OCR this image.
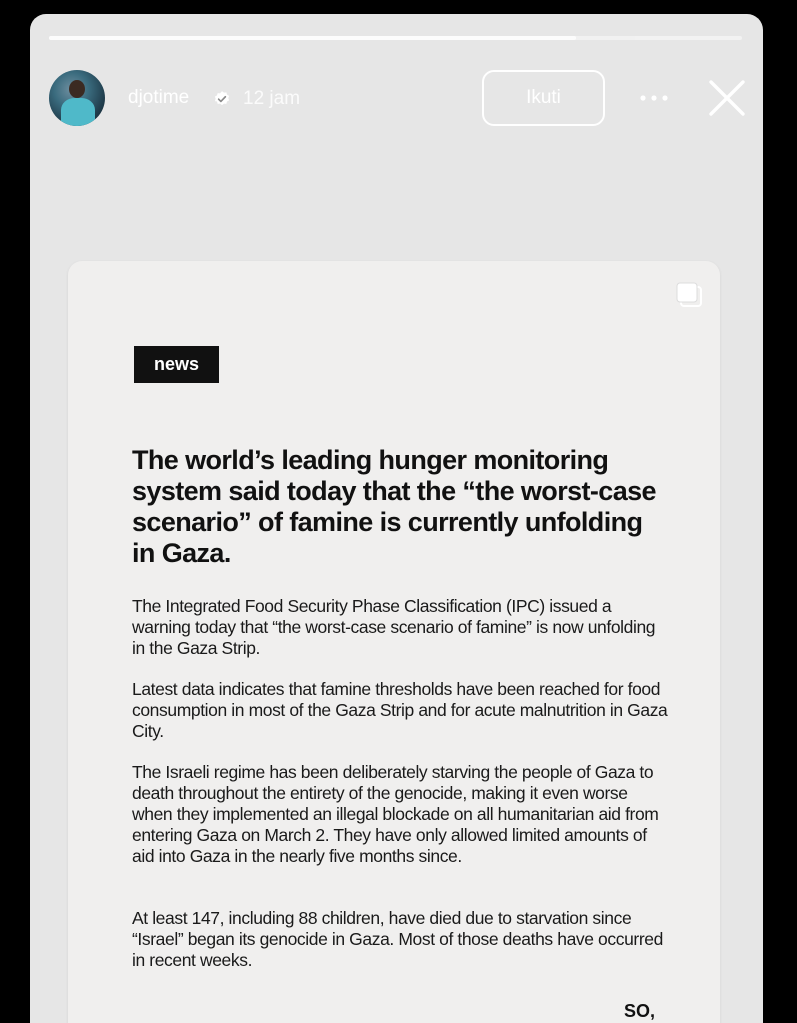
djotime	12 jam	Ikuti
news
The world’s leading hunger monitoring system said today that the “the worst-case scenario” of famine is currently unfolding in Gaza.

The Integrated Food Security Phase Classification (IPC) issued a warning today that “the worst-case scenario of famine” is now unfolding in the Gaza Strip.

Latest data indicates that famine thresholds have been reached for food consumption in most of the Gaza Strip and for acute malnutrition in Gaza City.

The Israeli regime has been deliberately starving the people of Gaza to death throughout the entirety of the genocide, making it even worse when they implemented an illegal blockade on all humanitarian aid from entering Gaza on March 2. They have only allowed limited amounts of aid into Gaza in the nearly five months since.

At least 147, including 88 children, have died due to starvation since “Israel” began its genocide in Gaza. Most of those deaths have occurred in recent weeks.

SO,
